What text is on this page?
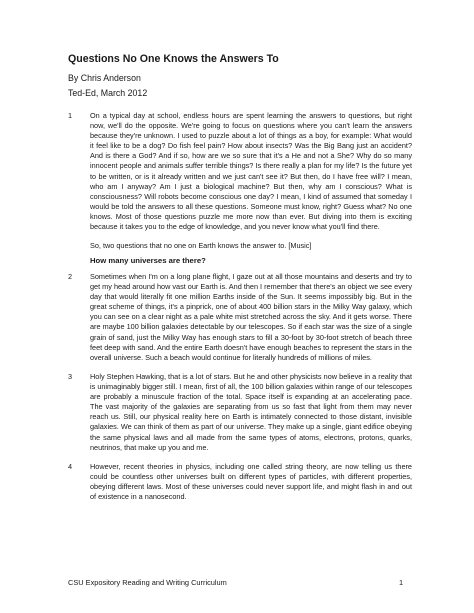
Questions No One Knows the Answers To
By Chris Anderson
Ted-Ed, March 2012
1 On a typical day at school, endless hours are spent learning the answers to questions, but right now, we'll do the opposite. We're going to focus on questions where you can't learn the answers because they're unknown. I used to puzzle about a lot of things as a boy, for example: What would it feel like to be a dog? Do fish feel pain? How about insects? Was the Big Bang just an accident? And is there a God? And if so, how are we so sure that it's a He and not a She? Why do so many innocent people and animals suffer terrible things? Is there really a plan for my life? Is the future yet to be written, or is it already written and we just can't see it? But then, do I have free will? I mean, who am I anyway? Am I just a biological machine? But then, why am I conscious? What is consciousness? Will robots become conscious one day? I mean, I kind of assumed that someday I would be told the answers to all these questions. Someone must know, right? Guess what? No one knows. Most of those questions puzzle me more now than ever. But diving into them is exciting because it takes you to the edge of knowledge, and you never know what you'll find there.
So, two questions that no one on Earth knows the answer to. [Music]
How many universes are there?
2 Sometimes when I'm on a long plane flight, I gaze out at all those mountains and deserts and try to get my head around how vast our Earth is. And then I remember that there's an object we see every day that would literally fit one million Earths inside of the Sun. It seems impossibly big. But in the great scheme of things, it's a pinprick, one of about 400 billion stars in the Milky Way galaxy, which you can see on a clear night as a pale white mist stretched across the sky. And it gets worse. There are maybe 100 billion galaxies detectable by our telescopes. So if each star was the size of a single grain of sand, just the Milky Way has enough stars to fill a 30-foot by 30-foot stretch of beach three feet deep with sand. And the entire Earth doesn't have enough beaches to represent the stars in the overall universe. Such a beach would continue for literally hundreds of millions of miles.
3 Holy Stephen Hawking, that is a lot of stars. But he and other physicists now believe in a reality that is unimaginably bigger still. I mean, first of all, the 100 billion galaxies within range of our telescopes are probably a minuscule fraction of the total. Space itself is expanding at an accelerating pace. The vast majority of the galaxies are separating from us so fast that light from them may never reach us. Still, our physical reality here on Earth is intimately connected to those distant, invisible galaxies. We can think of them as part of our universe. They make up a single, giant edifice obeying the same physical laws and all made from the same types of atoms, electrons, protons, quarks, neutrinos, that make up you and me.
4 However, recent theories in physics, including one called string theory, are now telling us there could be countless other universes built on different types of particles, with different properties, obeying different laws. Most of these universes could never support life, and might flash in and out of existence in a nanosecond.
CSU Expository Reading and Writing Curriculum	1
